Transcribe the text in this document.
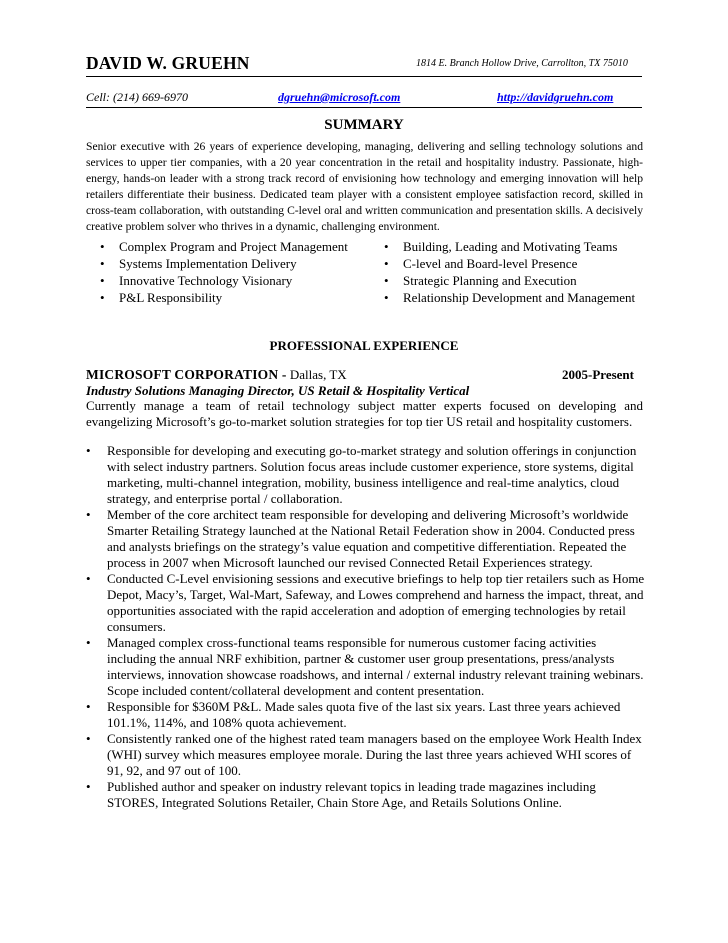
DAVID W. GRUEHN	1814 E. Branch Hollow Drive, Carrollton, TX 75010
Cell: (214) 669-6970	dgruehn@microsoft.com	http://davidgruehn.com
SUMMARY
Senior executive with 26 years of experience developing, managing, delivering and selling technology solutions and services to upper tier companies, with a 20 year concentration in the retail and hospitality industry. Passionate, high-energy, hands-on leader with a strong track record of envisioning how technology and emerging innovation will help retailers differentiate their business. Dedicated team player with a consistent employee satisfaction record, skilled in cross-team collaboration, with outstanding C-level oral and written communication and presentation skills. A decisively creative problem solver who thrives in a dynamic, challenging environment.
• Complex Program and Project Management
• Systems Implementation Delivery
• Innovative Technology Visionary
• P&L Responsibility
• Building, Leading and Motivating Teams
• C-level and Board-level Presence
• Strategic Planning and Execution
• Relationship Development and Management
PROFESSIONAL EXPERIENCE
MICROSOFT CORPORATION - Dallas, TX	2005-Present
Industry Solutions Managing Director, US Retail & Hospitality Vertical
Currently manage a team of retail technology subject matter experts focused on developing and evangelizing Microsoft’s go-to-market solution strategies for top tier US retail and hospitality customers.
• Responsible for developing and executing go-to-market strategy and solution offerings in conjunction with select industry partners. Solution focus areas include customer experience, store systems, digital marketing, multi-channel integration, mobility, business intelligence and real-time analytics, cloud strategy, and enterprise portal / collaboration.
• Member of the core architect team responsible for developing and delivering Microsoft’s worldwide Smarter Retailing Strategy launched at the National Retail Federation show in 2004. Conducted press and analysts briefings on the strategy’s value equation and competitive differentiation. Repeated the process in 2007 when Microsoft launched our revised Connected Retail Experiences strategy.
• Conducted C-Level envisioning sessions and executive briefings to help top tier retailers such as Home Depot, Macy’s, Target, Wal-Mart, Safeway, and Lowes comprehend and harness the impact, threat, and opportunities associated with the rapid acceleration and adoption of emerging technologies by retail consumers.
• Managed complex cross-functional teams responsible for numerous customer facing activities including the annual NRF exhibition, partner & customer user group presentations, press/analysts interviews, innovation showcase roadshows, and internal / external industry relevant training webinars. Scope included content/collateral development and content presentation.
• Responsible for $360M P&L. Made sales quota five of the last six years. Last three years achieved 101.1%, 114%, and 108% quota achievement.
• Consistently ranked one of the highest rated team managers based on the employee Work Health Index (WHI) survey which measures employee morale. During the last three years achieved WHI scores of 91, 92, and 97 out of 100.
• Published author and speaker on industry relevant topics in leading trade magazines including STORES, Integrated Solutions Retailer, Chain Store Age, and Retails Solutions Online.
